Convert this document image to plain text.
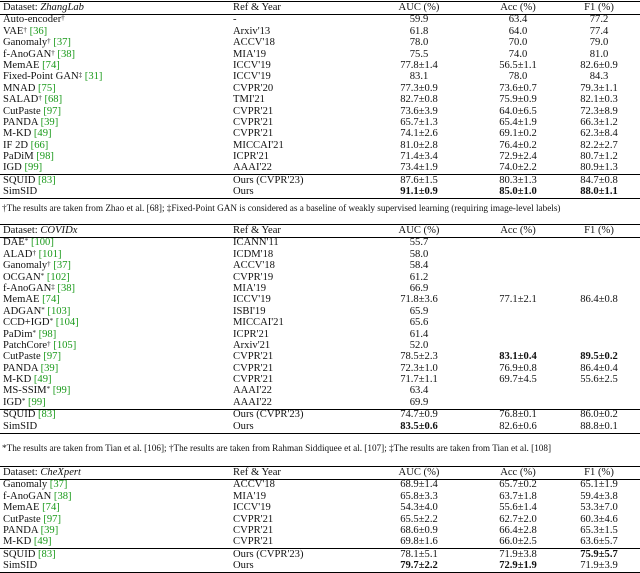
Dataset: ZhangLab	Ref & Year	AUC (%)	Acc (%)	F1 (%)
Auto-encoder†	-	59.9	63.4	77.2
VAE† [36]	Arxiv'13	61.8	64.0	77.4
Ganomaly† [37]	ACCV'18	78.0	70.0	79.0
f-AnoGAN† [38]	MIA'19	75.5	74.0	81.0
MemAE [74]	ICCV'19	77.8±1.4	56.5±1.1	82.6±0.9
Fixed-Point GAN‡ [31]	ICCV'19	83.1	78.0	84.3
MNAD [75]	CVPR'20	77.3±0.9	73.6±0.7	79.3±1.1
SALAD† [68]	TMI'21	82.7±0.8	75.9±0.9	82.1±0.3
CutPaste [97]	CVPR'21	73.6±3.9	64.0±6.5	72.3±8.9
PANDA [39]	CVPR'21	65.7±1.3	65.4±1.9	66.3±1.2
M-KD [49]	CVPR'21	74.1±2.6	69.1±0.2	62.3±8.4
IF 2D [66]	MICCAI'21	81.0±2.8	76.4±0.2	82.2±2.7
PaDiM [98]	ICPR'21	71.4±3.4	72.9±2.4	80.7±1.2
IGD [99]	AAAI'22	73.4±1.9	74.0±2.2	80.9±1.3
SQUID [83]	Ours (CVPR'23)	87.6±1.5	80.3±1.3	84.7±0.8
SimSID	Ours	91.1±0.9	85.0±1.0	88.0±1.1
†The results are taken from Zhao et al. [68]; ‡Fixed-Point GAN is considered as a baseline of weakly supervised learning (requiring image-level labels)
Dataset: COVIDx	Ref & Year	AUC (%)	Acc (%)	F1 (%)
DAE* [100]	ICANN'11	55.7		
ALAD† [101]	ICDM'18	58.0		
Ganomaly† [37]	ACCV'18	58.4		
OCGAN* [102]	CVPR'19	61.2		
f-AnoGAN‡ [38]	MIA'19	66.9		
MemAE [74]	ICCV'19	71.8±3.6	77.1±2.1	86.4±0.8
ADGAN* [103]	ISBI'19	65.9		
CCD+IGD* [104]	MICCAI'21	65.6		
PaDim* [98]	ICPR'21	61.4		
PatchCore† [105]	Arxiv'21	52.0		
CutPaste [97]	CVPR'21	78.5±2.3	83.1±0.4	89.5±0.2
PANDA [39]	CVPR'21	72.3±1.0	76.9±0.8	86.4±0.4
M-KD [49]	CVPR'21	71.7±1.1	69.7±4.5	55.6±2.5
MS-SSIM* [99]	AAAI'22	63.4		
IGD* [99]	AAAI'22	69.9		
SQUID [83]	Ours (CVPR'23)	74.7±0.9	76.8±0.1	86.0±0.2
SimSID	Ours	83.5±0.6	82.6±0.6	88.8±0.1
*The results are taken from Tian et al. [106]; †The results are taken from Rahman Siddiquee et al. [107]; ‡The results are taken from Tian et al. [108]
Dataset: CheXpert	Ref & Year	AUC (%)	Acc (%)	F1 (%)
Ganomaly [37]	ACCV'18	68.9±1.4	65.7±0.2	65.1±1.9
f-AnoGAN [38]	MIA'19	65.8±3.3	63.7±1.8	59.4±3.8
MemAE [74]	ICCV'19	54.3±4.0	55.6±1.4	53.3±7.0
CutPaste [97]	CVPR'21	65.5±2.2	62.7±2.0	60.3±4.6
PANDA [39]	CVPR'21	68.6±0.9	66.4±2.8	65.3±1.5
M-KD [49]	CVPR'21	69.8±1.6	66.0±2.5	63.6±5.7
SQUID [83]	Ours (CVPR'23)	78.1±5.1	71.9±3.8	75.9±5.7
SimSID	Ours	79.7±2.2	72.9±1.9	71.9±3.9
